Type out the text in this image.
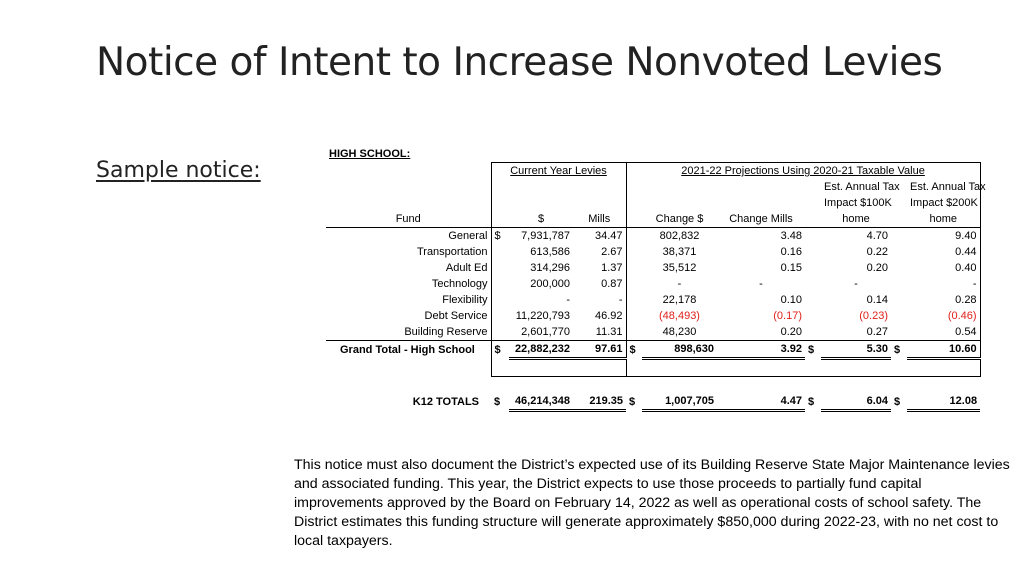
Notice of Intent to Increase Nonvoted Levies
Sample notice:
HIGH SCHOOL:										
	Current Year Levies			2021-22 Projections Using 2020-21 Taxable Value						
								Est. Annual Tax		Est. Annual Tax
								Impact $100K		Impact $200K
Fund		$	Mills		Change $	Change Mills		home		home
General	$	7,931,787	34.47		802,832	3.48		4.70		9.40
Transportation		613,586	2.67		38,371	0.16		0.22		0.44
Adult Ed		314,296	1.37		35,512	0.15		0.20		0.40
Technology		200,000	0.87		-	-		-		-
Flexibility		-	-		22,178	0.10		0.14		0.28
Debt Service		11,220,793	46.92		(48,493)	(0.17)		(0.23)		(0.46)
Building Reserve		2,601,770	11.31		48,230	0.20		0.27		0.54
Grand Total - High School	$	22,882,232	97.61	$	898,630	3.92	$	5.30	$	10.60

K12 TOTALS	$	46,214,348	219.35	$	1,007,705	4.47	$	6.04	$	12.08

This notice must also document the District’s expected use of its Building Reserve State Major Maintenance levies and associated funding. This year, the District expects to use those proceeds to partially fund capital improvements approved by the Board on February 14, 2022 as well as operational costs of school safety. The District estimates this funding structure will generate approximately $850,000 during 2022-23, with no net cost to local taxpayers.
